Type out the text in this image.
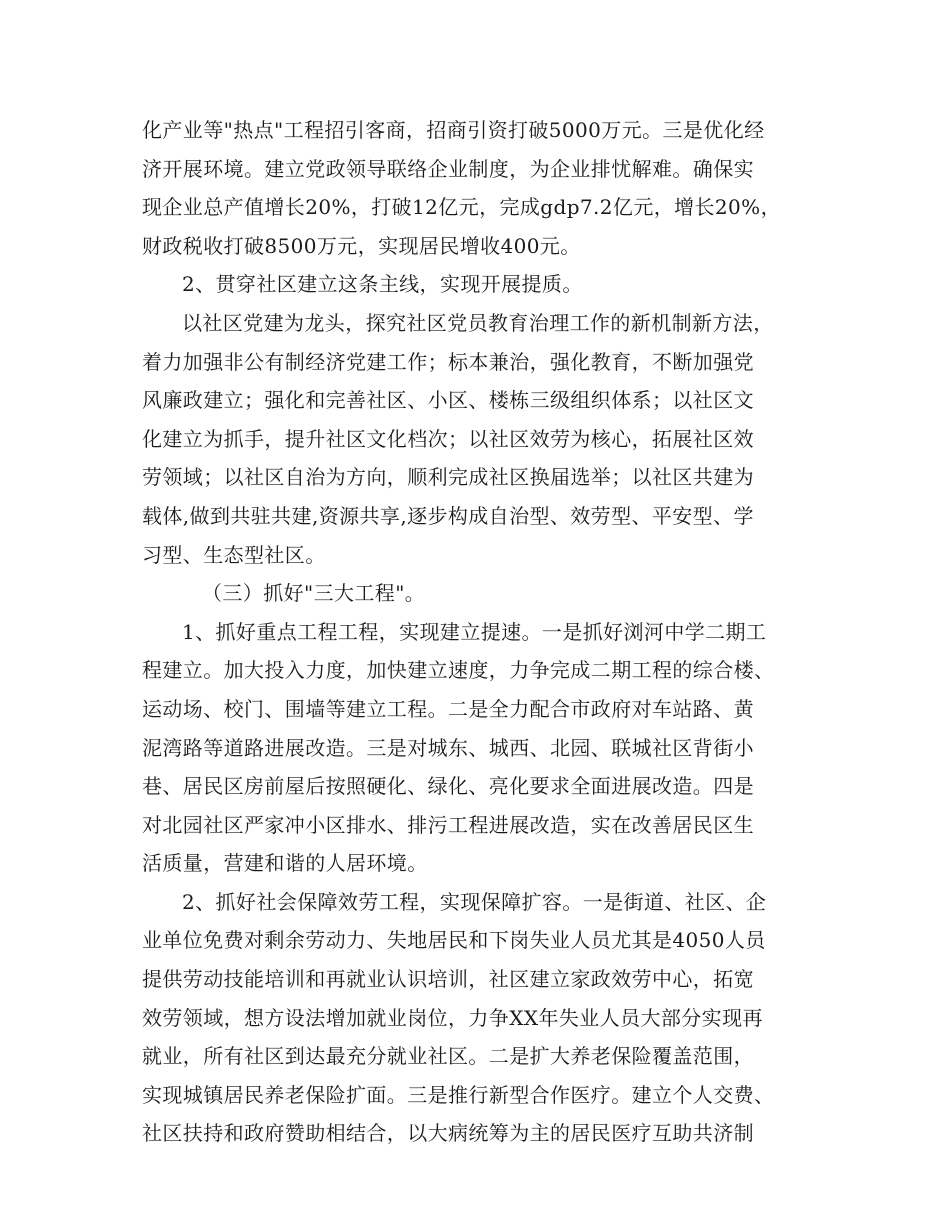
化产业等"热点"工程招引客商，招商引资打破5000万元。三是优化经
济开展环境。建立党政领导联络企业制度，为企业排忧解难。确保实
现企业总产值增长20%，打破12亿元，完成gdp7.2亿元，增长20%，
财政税收打破8500万元，实现居民增收400元。
2、贯穿社区建立这条主线，实现开展提质。
以社区党建为龙头，探究社区党员教育治理工作的新机制新方法，
着力加强非公有制经济党建工作；标本兼治，强化教育，不断加强党
风廉政建立；强化和完善社区、小区、楼栋三级组织体系；以社区文
化建立为抓手，提升社区文化档次；以社区效劳为核心，拓展社区效
劳领域；以社区自治为方向，顺利完成社区换届选举；以社区共建为
载体,做到共驻共建,资源共享,逐步构成自治型、效劳型、平安型、学
习型、生态型社区。
（三）抓好"三大工程"。
1、抓好重点工程工程，实现建立提速。一是抓好浏河中学二期工
程建立。加大投入力度，加快建立速度，力争完成二期工程的综合楼、
运动场、校门、围墙等建立工程。二是全力配合市政府对车站路、黄
泥湾路等道路进展改造。三是对城东、城西、北园、联城社区背街小
巷、居民区房前屋后按照硬化、绿化、亮化要求全面进展改造。四是
对北园社区严家冲小区排水、排污工程进展改造，实在改善居民区生
活质量，营建和谐的人居环境。
2、抓好社会保障效劳工程，实现保障扩容。一是街道、社区、企
业单位免费对剩余劳动力、失地居民和下岗失业人员尤其是4050人员
提供劳动技能培训和再就业认识培训，社区建立家政效劳中心，拓宽
效劳领域，想方设法增加就业岗位，力争XX年失业人员大部分实现再
就业，所有社区到达最充分就业社区。二是扩大养老保险覆盖范围，
实现城镇居民养老保险扩面。三是推行新型合作医疗。建立个人交费、
社区扶持和政府赞助相结合，以大病统筹为主的居民医疗互助共济制
